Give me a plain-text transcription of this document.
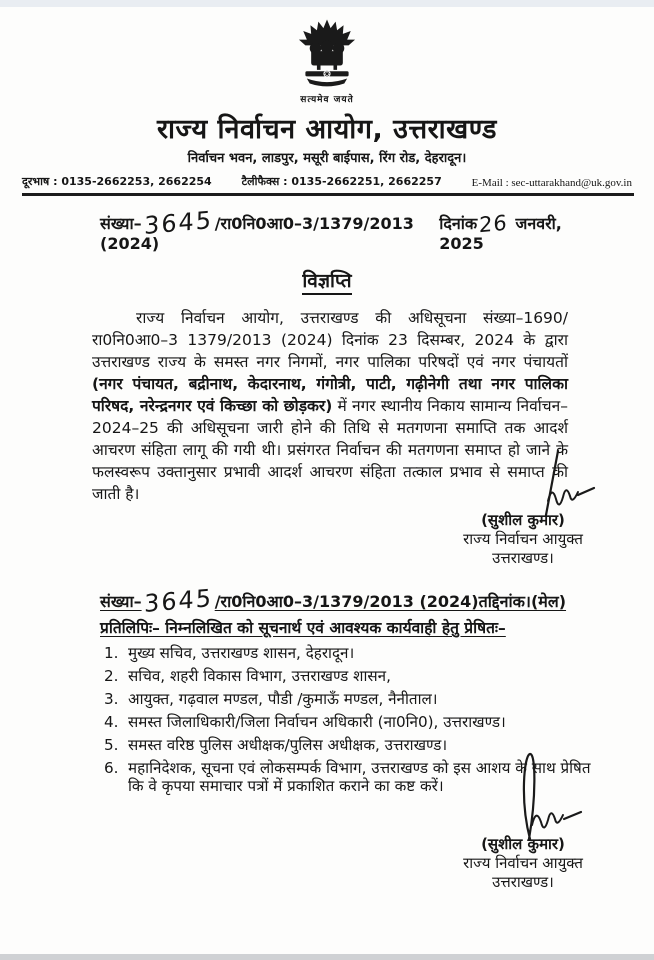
सत्यमेव जयते
राज्य निर्वाचन आयोग, उत्तराखण्ड
निर्वाचन भवन, लाडपुर, मसूरी बाईपास, रिंग रोड, देहरादून।
दूरभाष : 0135-2662253, 2662254	टैलीफैक्स : 0135-2662251, 2662257	E-Mail : sec-uttarakhand@uk.gov.in
संख्या–3645 /रा0नि0आ0–3/1379/2013 (2024)
दिनांक26 जनवरी, 2025
विज्ञप्ति

राज्य निर्वाचन आयोग, उत्तराखण्ड की अधिसूचना संख्या–1690/रा0नि0आ0–3 1379/2013 (2024) दिनांक 23 दिसम्बर, 2024 के द्वारा उत्तराखण्ड राज्य के समस्त नगर निगमों, नगर पालिका परिषदों एवं नगर पंचायतों (नगर पंचायत, बद्रीनाथ, केदारनाथ, गंगोत्री, पाटी, गढ़ीनेगी तथा नगर पालिका परिषद, नरेन्द्रनगर एवं किच्छा को छोड़कर) में नगर स्थानीय निकाय सामान्य निर्वाचन–2024–25 की अधिसूचना जारी होने की तिथि से मतगणना समाप्ति तक आदर्श आचरण संहिता लागू की गयी थी। प्रसंगरत निर्वाचन की मतगणना समाप्त हो जाने के फलस्वरूप उक्तानुसार प्रभावी आदर्श आचरण संहिता तत्काल प्रभाव से समाप्त की जाती है।

(सुशील कुमार)
राज्य निर्वाचन आयुक्त
उत्तराखण्ड।
संख्या–3645 /रा0नि0आ0–3/1379/2013 (2024)तद्दिनांक।(मेल)
प्रतिलिपिः– निम्नलिखित को सूचनार्थ एवं आवश्यक कार्यवाही हेतु प्रेषितः–
1. मुख्य सचिव, उत्तराखण्ड शासन, देहरादून।
2. सचिव, शहरी विकास विभाग, उत्तराखण्ड शासन,
3. आयुक्त, गढ़वाल मण्डल, पौडी /कुमाऊँ मण्डल, नैनीताल।
4. समस्त जिलाधिकारी/जिला निर्वाचन अधिकारी (ना0नि0), उत्तराखण्ड।
5. समस्त वरिष्ठ पुलिस अधीक्षक/पुलिस अधीक्षक, उत्तराखण्ड।
6. महानिदेशक, सूचना एवं लोकसम्पर्क विभाग, उत्तराखण्ड को इस आशय के साथ प्रेषित कि वे कृपया समाचार पत्रों में प्रकाशित कराने का कष्ट करें।
(सुशील कुमार)
राज्य निर्वाचन आयुक्त
उत्तराखण्ड।
